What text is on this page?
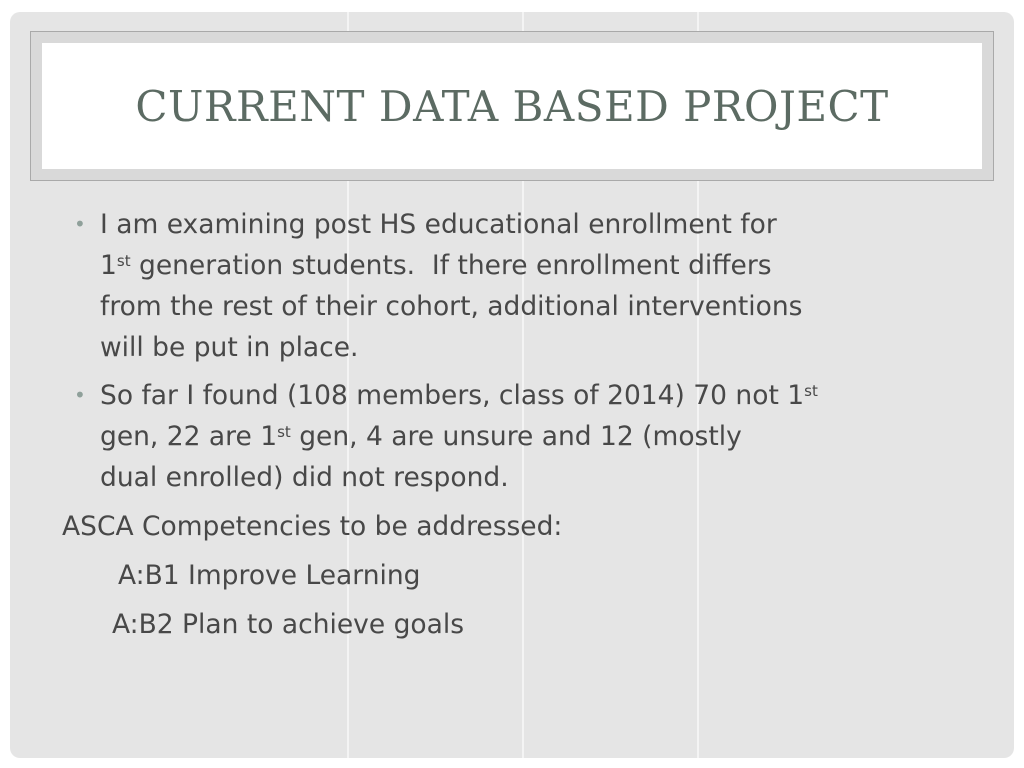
CURRENT DATA BASED PROJECT
• I am examining post HS educational enrollment for
1st generation students.  If there enrollment differs
from the rest of their cohort, additional interventions
will be put in place.
• So far I found (108 members, class of 2014) 70 not 1st
gen, 22 are 1st gen, 4 are unsure and 12 (mostly
dual enrolled) did not respond.
ASCA Competencies to be addressed:
A:B1 Improve Learning
A:B2 Plan to achieve goals
